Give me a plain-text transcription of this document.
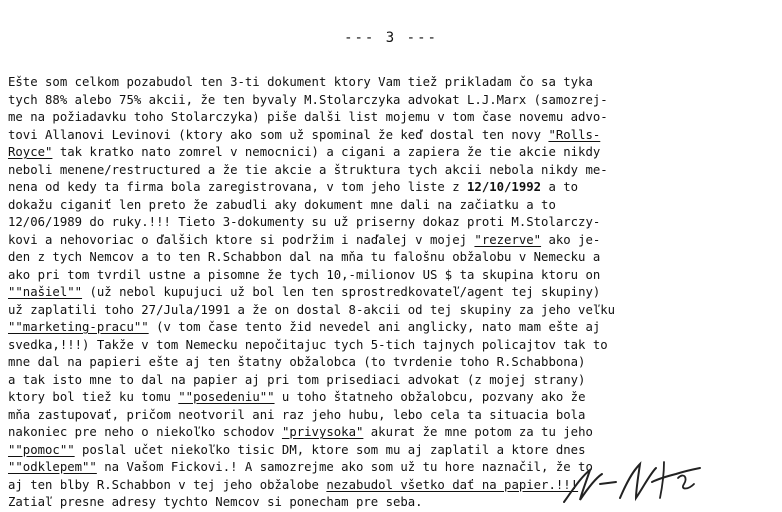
--- 3 ---
Ešte som celkom pozabudol ten 3-ti dokument ktory Vam tiež prikladam čo sa tyka
tych 88% alebo 75% akcii, že ten byvaly M.Stolarczyka advokat L.J.Marx (samozrej-
me na požiadavku toho Stolarczyka) piše dalši list mojemu v tom čase novemu advo-
tovi Allanovi Levinovi (ktory ako som už spominal že keď dostal ten novy "Rolls-
Royce" tak kratko nato zomrel v nemocnici) a cigani a zapiera že tie akcie nikdy
neboli menene/restructured a že tie akcie a štruktura tych akcii nebola nikdy me-
nena od kedy ta firma bola zaregistrovana, v tom jeho liste z 12/10/1992 a to
dokažu ciganiť len preto že zabudli aky dokument mne dali na začiatku a to
12/06/1989 do ruky.!!! Tieto 3-dokumenty su už priserny dokaz proti M.Stolarczy-
kovi a nehovoriac o ďalšich ktore si podržim i naďalej v mojej "rezerve" ako je-
den z tych Nemcov a to ten R.Schabbon dal na mňa tu falošnu obžalobu v Nemecku a
ako pri tom tvrdil ustne a pisomne že tych 10,-milionov US $ ta skupina ktoru on
""našiel"" (už nebol kupujuci už bol len ten sprostredkovateľ/agent tej skupiny)
už zaplatili toho 27/Jula/1991 a že on dostal 8-akcii od tej skupiny za jeho veľku
""marketing-pracu"" (v tom čase tento žid nevedel ani anglicky, nato mam ešte aj
svedka,!!!) Takže v tom Nemecku nepočitajuc tych 5-tich tajnych policajtov tak to
mne dal na papieri ešte aj ten štatny obžalobca (to tvrdenie toho R.Schabbona)
a tak isto mne to dal na papier aj pri tom prisediaci advokat (z mojej strany)
ktory bol tiež ku tomu ""posedeniu"" u toho štatneho obžalobcu, pozvany ako že
mňa zastupovať, pričom neotvoril ani raz jeho hubu, lebo cela ta situacia bola
nakoniec pre neho o niekoľko schodov "privysoka" akurat že mne potom za tu jeho
""pomoc"" poslal učet niekoľko tisic DM, ktore som mu aj zaplatil a ktore dnes
""odklepem"" na Vašom Fickovi.! A samozrejme ako som už tu hore naznačil, že to
aj ten blby R.Schabbon v tej jeho obžalobe nezabudol všetko dať na papier.!!!
Zatiaľ presne adresy tychto Nemcov si ponecham pre seba.
